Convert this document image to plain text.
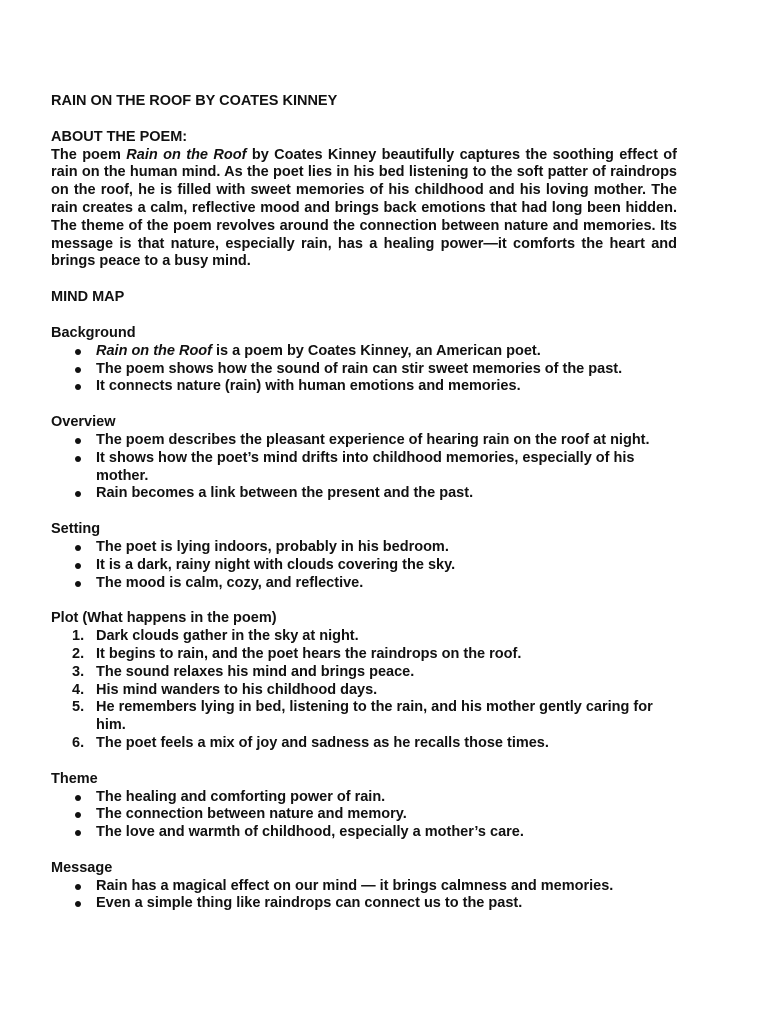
RAIN ON THE ROOF BY COATES KINNEY

ABOUT THE POEM:

The poem Rain on the Roof by Coates Kinney beautifully captures the soothing effect of rain on the human mind. As the poet lies in his bed listening to the soft patter of raindrops on the roof, he is filled with sweet memories of his childhood and his loving mother. The rain creates a calm, reflective mood and brings back emotions that had long been hidden. The theme of the poem revolves around the connection between nature and memories. Its message is that nature, especially rain, has a healing power—it comforts the heart and brings peace to a busy mind.

MIND MAP

Background

Rain on the Roof is a poem by Coates Kinney, an American poet.
The poem shows how the sound of rain can stir sweet memories of the past.
It connects nature (rain) with human emotions and memories.

Overview

The poem describes the pleasant experience of hearing rain on the roof at night.
It shows how the poet’s mind drifts into childhood memories, especially of his mother.
Rain becomes a link between the present and the past.

Setting

The poet is lying indoors, probably in his bedroom.
It is a dark, rainy night with clouds covering the sky.
The mood is calm, cozy, and reflective.

Plot (What happens in the poem)

1. Dark clouds gather in the sky at night.
2. It begins to rain, and the poet hears the raindrops on the roof.
3. The sound relaxes his mind and brings peace.
4. His mind wanders to his childhood days.
5. He remembers lying in bed, listening to the rain, and his mother gently caring for him.
6. The poet feels a mix of joy and sadness as he recalls those times.

Theme

The healing and comforting power of rain.
The connection between nature and memory.
The love and warmth of childhood, especially a mother’s care.

Message

Rain has a magical effect on our mind — it brings calmness and memories.
Even a simple thing like raindrops can connect us to the past.
